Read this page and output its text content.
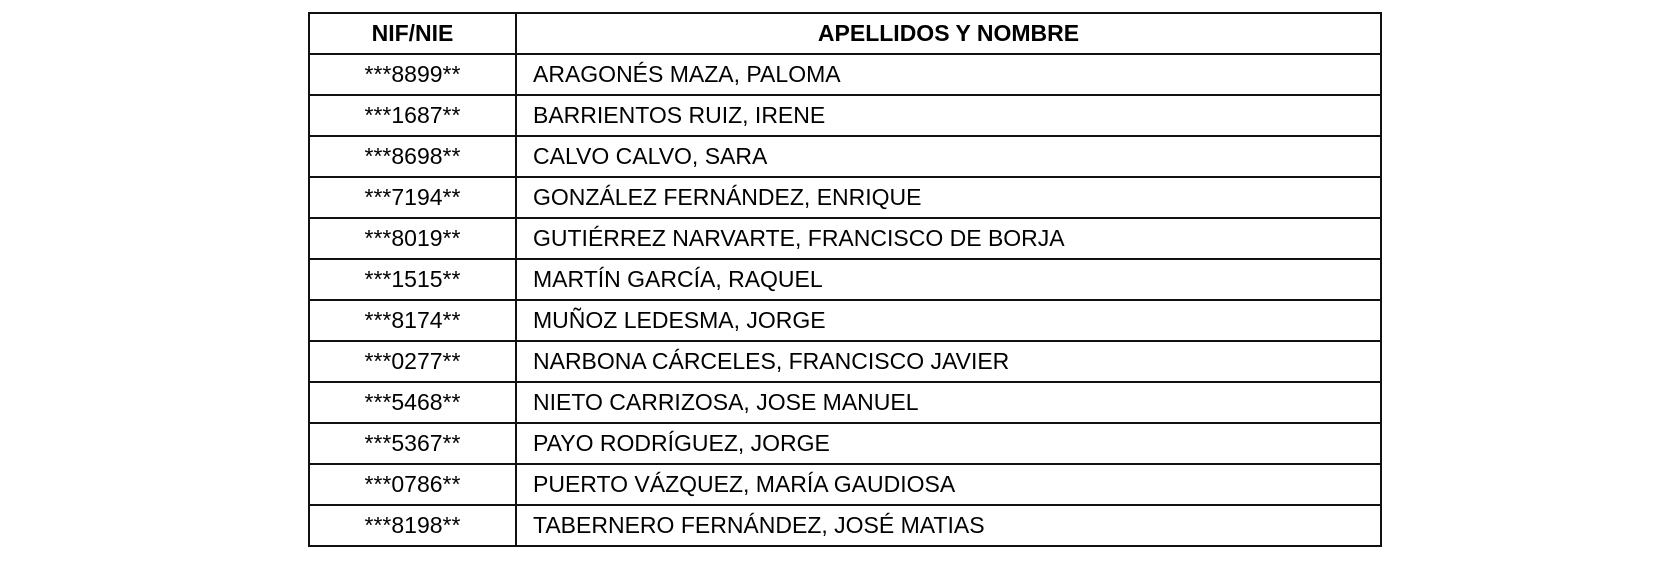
NIF/NIE	APELLIDOS Y NOMBRE
***8899**	ARAGONÉS MAZA, PALOMA
***1687**	BARRIENTOS RUIZ, IRENE
***8698**	CALVO CALVO, SARA
***7194**	GONZÁLEZ FERNÁNDEZ, ENRIQUE
***8019**	GUTIÉRREZ NARVARTE, FRANCISCO DE BORJA
***1515**	MARTÍN GARCÍA, RAQUEL
***8174**	MUÑOZ LEDESMA, JORGE
***0277**	NARBONA CÁRCELES, FRANCISCO JAVIER
***5468**	NIETO CARRIZOSA, JOSE MANUEL
***5367**	PAYO RODRÍGUEZ, JORGE
***0786**	PUERTO VÁZQUEZ, MARÍA GAUDIOSA
***8198**	TABERNERO FERNÁNDEZ, JOSÉ MATIAS
